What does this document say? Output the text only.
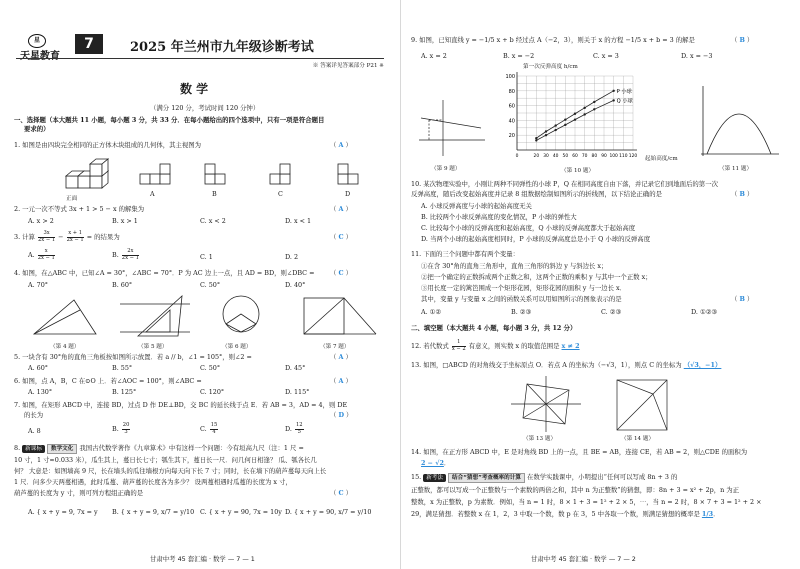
星
天星教育
7	2025 年兰州市九年级诊断考试
※ 答案详见答案部分 P21 ※
数 学
（满分 120 分，考试时间 120 分钟）
一、选择题（本大题共 11 小题，每小题 3 分，共 33 分．在每小题给出的四个选项中，只有一项是符合题目
要求的）
1. 如图是由四块完全相同的正方体木块组成的几何体，其主视图为	（ A ）
正面
A	B	C	D
2. 一元一次不等式 3x + 1 > 5 − x 的解集为	（ A ）
A. x > 2	B. x > 1	C. x < 2	D. x < 1
3. 计算 $\frac{3x}{2x - 1} - \frac{x + 1}{2x - 1}$ = 的结果为	（ C ）
A. $\frac{x}{2x - 1}$	B. $\frac{2x}{2x - 1}$	C. 1	D. 2
4. 如图，在△ABC 中，已知∠A = 30°，∠ABC = 70°．P 为 AC 边上一点，且 AD = BD，则∠DBC = （ C ）
A. 70°	B. 60°	C. 50°	D. 40°
（第 4 题）	（第 5 题）	（第 6 题）	（第 7 题）
5. 一块含有 30°角的直角三角板按如图所示放置．若 a // b，∠1 = 105°，则∠2 =	（ A ）
A. 60°	B. 55°	C. 50°	D. 45°
6. 如图，点 A，B，C 在⊙O 上．若∠AOC = 100°，则∠ABC =	（ A ）
A. 130°	B. 125°	C. 120°	D. 115°
7. 如图，在矩形 ABCD 中，连接 BD，过点 D 作 DE⊥BD，交 BC 的延长线于点 E．若 AB = 3，AD = 4，则 DE
的长为	（ D ）
A. 8	B. $\frac{20}{3}$	C. $\frac{15}{4}$	D. $\frac{12}{5}$
8. 新课标 数学文化 我国古代数学著作《九章算术》中有这样一个问题：今有垣高九尺（注：1 尺 =
10 寸，1 寸≈0.033 米），瓜生其上，蔓日长七寸；瓠生其下，蔓日长一尺．问几何日相逢？ 瓜、瓠各长几
何？ 大意是：如图墙高 9 尺，长在墙头的瓜往墙根方向每天向下长 7 寸；同时，长在墙下的葫芦蔓每天向上长
1 尺．问多少天两蔓相遇，此时瓜蔓、葫芦蔓的长度各为多少？ 设两蔓相遇时瓜蔓的长度为 x 寸，
葫芦蔓的长度为 y 寸，则可列方程组正确的是	（ C ）
A. { x + y = 9, 7x = y B. { x + y = 9, x/7 = y/10 C. { x + y = 90, 7x = 10y D. { x + y = 90, x/7 = y/10
甘肃中考 45 套汇编 · 数学 — 7 — 1
9. 如图，已知直线 y = −1/5 x + b 经过点 A（−2，3），则关于 x 的方程 −1/5 x + b = 3 的解是	（ B ）
A. x = 2	B. x = −2	C. x = 3	D. x = −3
（第 9 题）
第一次反弹高度 h/cm
100
80
60
40
20
0	20 30 40 50 60 70 80 90 100 110 120
P 小球
Q 小球
起始高度/cm
（第 10 题）	（第 11 题）
10. 某次物理实验中，小刚让两种不同弹性的小球 P，Q 在相同高度自由下落，并记录它们到地面后的第一次
反弹高度，随后改变起始高度并记录 8 组数据绘制如图所示的折线图，以下结论正确的是	（ B ）
A. 小球反弹高度与小球的起始高度无关
B. 比较两个小球反弹高度的变化情况，P 小球的弹性大
C. 比较每个小球的反弹高度和起始高度，Q 小球的反弹高度都大于起始高度
D. 当两个小球的起始高度相同时，P 小球的反弹高度总是小于 Q 小球的反弹高度
11. 下面的三个问题中都有两个变量：
①在含 30°角的直角三角形中，直角三角形的斜边 y 与斜边长 x；
②把一个确定的正数拆成两个正数之和，这两个正数的乘积 y 与其中一个正数 x；
③用长度一定的篱笆围成一个矩形花园，矩形花园的面积 y 与一边长 x．
其中，变量 y 与变量 x 之间的函数关系可以用如图所示的图象表示的是	（ B ）
A. ①②	B. ②③	C. ②③	D. ①②③
二、填空题（本大题共 4 小题，每小题 3 分，共 12 分）
12. 若代数式 $\frac{1}{x - 2}$ 有意义，则实数 x 的取值范围是 x ≠ 2
13. 如图，□ABCD 的对角线交于坐标原点 O．若点 A 的坐标为（−√3，1），则点 C 的坐标为 （√3，−1）
（第 13 题）	（第 14 题）
14. 如图，在正方形 ABCD 中，E 是对角线 BD 上的一点，且 BE = AB，连接 CE，若 AB = 2，则△CDE 的面积为
2 − √2．
15. 新考法 结合“猜想”考查概率的计算 在数学实践课中，小明提出“任何可以写成 8n + 3 的
正整数，都可以写成一个正整数与一个素数的两倍之和，其中 n 为正整数”的猜想，即：8n + 3 = x² + 2p，n 为正
整数，x 为正整数，p 为素数．例如，当 n = 1 时，8 × 1 + 3 = 1² + 2 × 5，⋯，当 n = 2 时，8 × 7 + 3 = 1² + 2 ×
29，满足猜想．若整数 x 在 1，2，3 中取一个数，数 p 在 3，5 中各取一个数，则满足猜想的概率是 1/3．
甘肃中考 45 套汇编 · 数学 — 7 — 2
